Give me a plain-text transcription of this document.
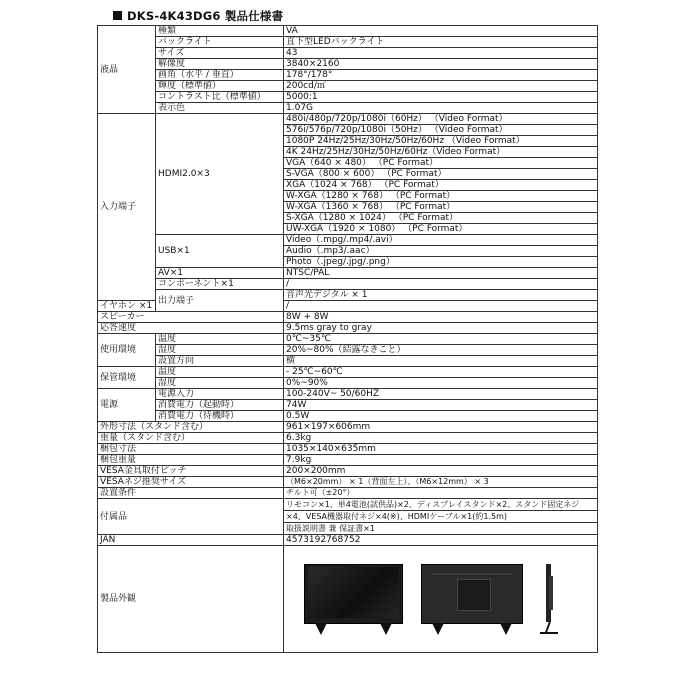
DKS-4K43DG6 製品仕様書
液晶	種類	VA	
	バックライト	直下型LEDバックライト	
	サイズ	43	
	解像度	3840×2160	
	画角（水平 / 垂直）	178°/178°	
	輝度（標準値）	200cd/㎡	
	コントラスト比（標準値）	5000:1	
	表示色	1.07G	
入力端子	HDMI2.0×3	480i/480p/720p/1080i（60Hz） （Video Format）	
		576i/576p/720p/1080i（50Hz） （Video Format）	
		1080P 24Hz/25Hz/30Hz/50Hz/60Hz （Video Format）	
		4K 24Hz/25Hz/30Hz/50Hz/60Hz（Video Format）	
		VGA（640 × 480） （PC Format）	
		S-VGA（800 × 600） （PC Format）	
		XGA（1024 × 768） （PC Format）	
		W-XGA（1280 × 768） （PC Format）	
		W-XGA（1360 × 768） （PC Format）	
		S-XGA（1280 × 1024） （PC Format）	
		UW-XGA（1920 × 1080） （PC Format）	
	USB×1	Video（.mpg/.mp4/.avi）	
		Audio（.mp3/.aac）	
		Photo（.jpeg/.jpg/.png）	
	AV×1	NTSC/PAL	
	コンポーネント×1	/	
	出力端子	音声光デジタル × 1	
イヤホン ×1		/	
スピーカー		8W + 8W	
応答速度		9.5ms gray to gray	
使用環境	温度	0℃~35℃	
	湿度	20%~80%（結露なきこと）	
	設置方向	横	
保管環境	温度	- 25℃~60℃	
	湿度	0%~90%	
電源	電源入力	100-240V~ 50/60HZ	
	消費電力（起動時）	74W	
	消費電力（待機時）	0.5W	
外形寸法（スタンド含む）		961×197×606mm	
重量（スタンド含む）		6.3kg	
梱包寸法		1035×140×635mm	
梱包重量		7.9kg	
VESA金具取付ピッチ		200×200mm	
VESAネジ推奨サイズ		（M6×20mm） × 1（背面左上）、（M6×12mm） × 3	
設置条件		チルト可（±20°）	
付属品		リモコン×1、単4電池(試供品)×2、ディスプレイスタンド×2、スタンド固定ネジ	
		×4、VESA機器取付ネジ×4(※)、HDMIケーブル×1(約1.5m)	
		取扱説明書 兼 保証書×1	
JAN		4573192768752	
製品外観			
